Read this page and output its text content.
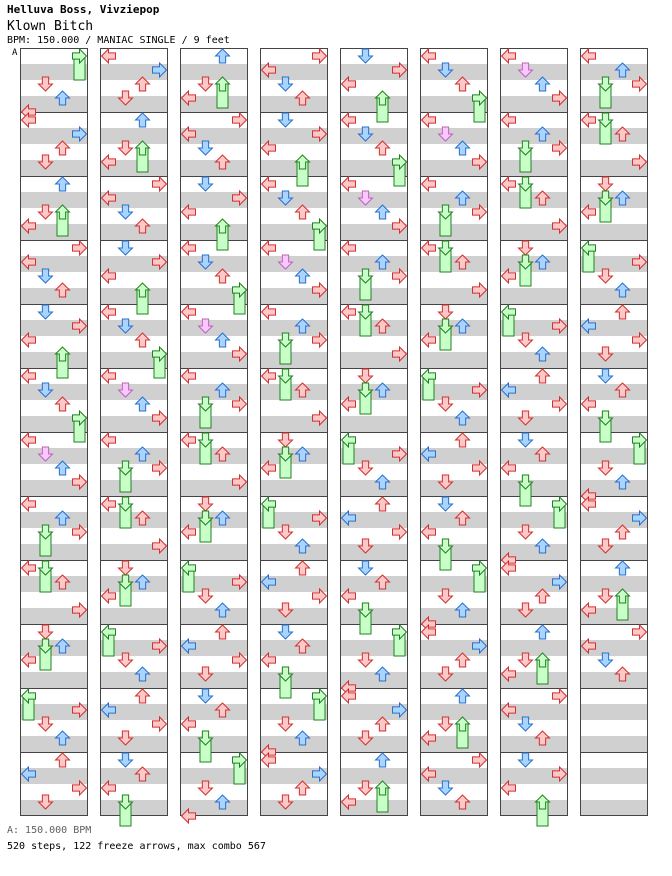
Helluva Boss, Vivziepop
Klown Bitch
BPM: 150.000 / MANIAC SINGLE / 9 feet
A
A: 150.000 BPM
520 steps, 122 freeze arrows, max combo 567
